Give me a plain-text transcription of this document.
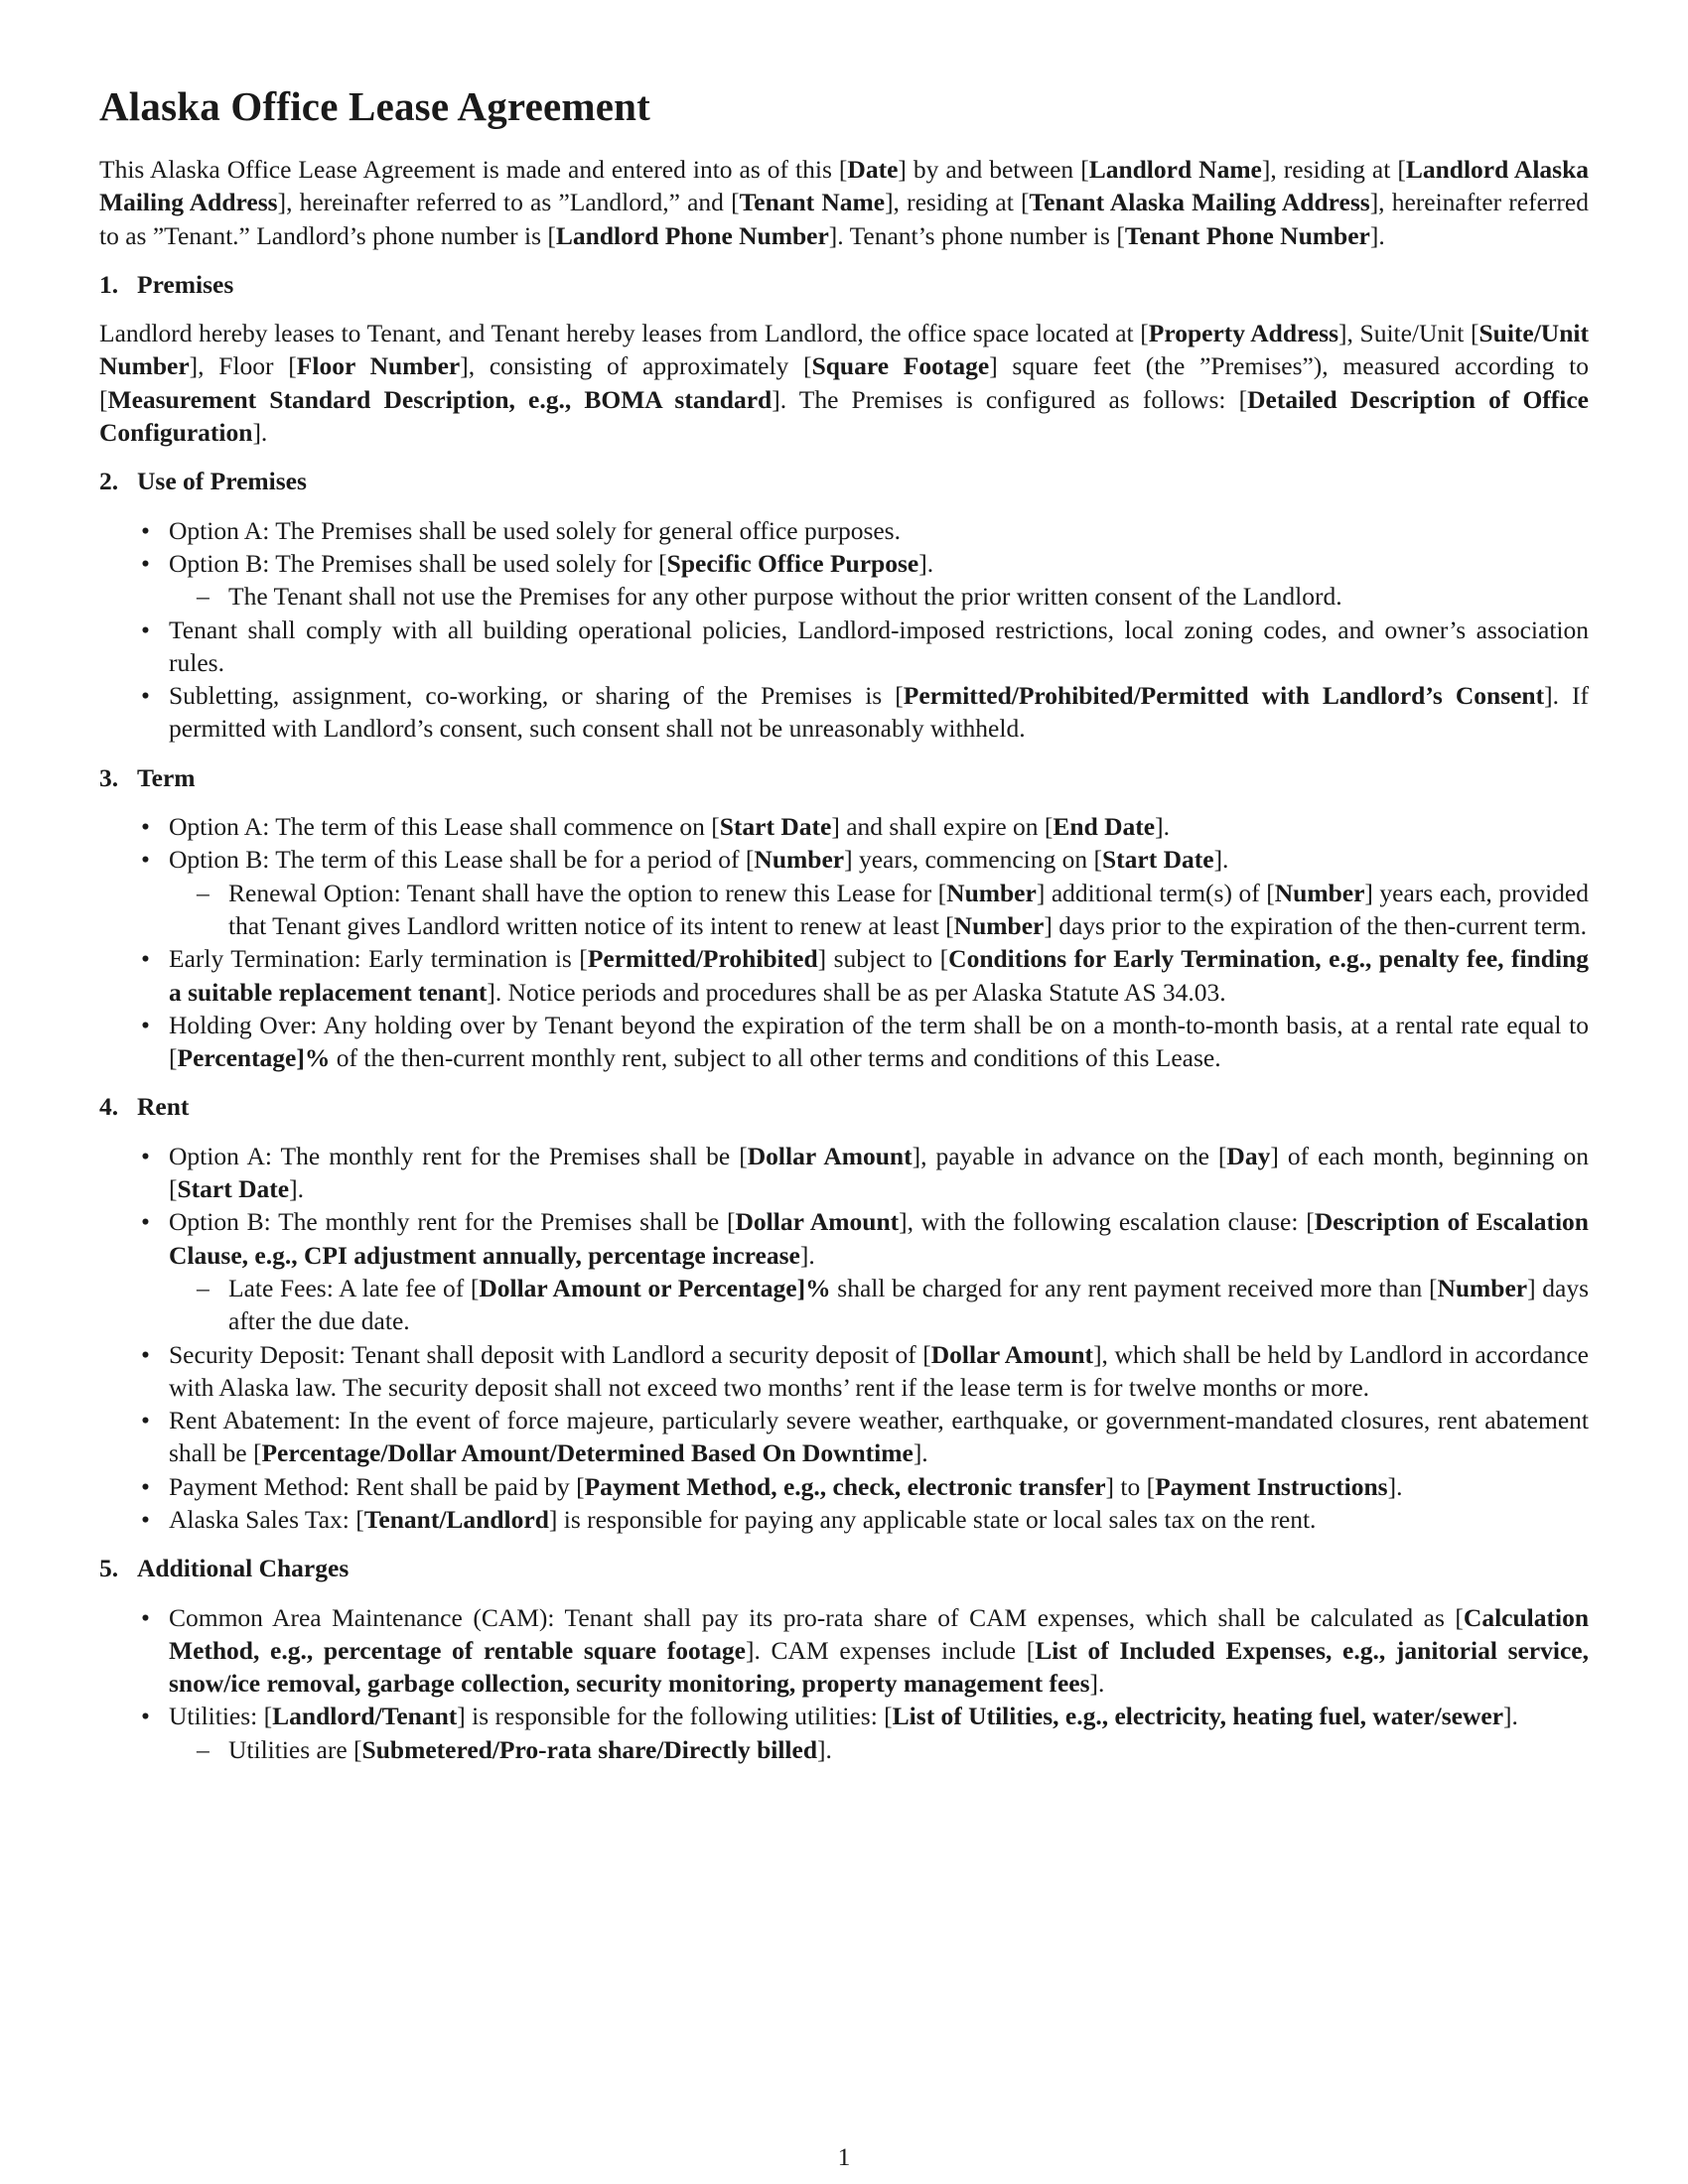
Alaska Office Lease Agreement

This Alaska Office Lease Agreement is made and entered into as of this [Date] by and between [Landlord Name], residing at [Landlord Alaska Mailing Address], hereinafter referred to as ”Landlord,” and [Tenant Name], residing at [Tenant Alaska Mailing Address], hereinafter referred to as ”Tenant.” Landlord’s phone number is [Landlord Phone Number]. Tenant’s phone number is [Tenant Phone Number].

1. Premises

Landlord hereby leases to Tenant, and Tenant hereby leases from Landlord, the office space located at [Property Address], Suite/Unit [Suite/Unit Number], Floor [Floor Number], consisting of approximately [Square Footage] square feet (the ”Premises”), measured according to [Measurement Standard Description, e.g., BOMA standard]. The Premises is configured as follows: [Detailed Description of Office Configuration].

2. Use of Premises
• Option A: The Premises shall be used solely for general office purposes.
• Option B: The Premises shall be used solely for [Specific Office Purpose].
– The Tenant shall not use the Premises for any other purpose without the prior written consent of the Landlord.
• Tenant shall comply with all building operational policies, Landlord-imposed restrictions, local zoning codes, and owner’s association rules.
• Subletting, assignment, co-working, or sharing of the Premises is [Permitted/Prohibited/Permitted with Landlord’s Consent]. If permitted with Landlord’s consent, such consent shall not be unreasonably withheld.
3. Term
• Option A: The term of this Lease shall commence on [Start Date] and shall expire on [End Date].
• Option B: The term of this Lease shall be for a period of [Number] years, commencing on [Start Date].
– Renewal Option: Tenant shall have the option to renew this Lease for [Number] additional term(s) of [Number] years each, provided that Tenant gives Landlord written notice of its intent to renew at least [Number] days prior to the expiration of the then-current term.
• Early Termination: Early termination is [Permitted/Prohibited] subject to [Conditions for Early Termination, e.g., penalty fee, finding a suitable replacement tenant]. Notice periods and procedures shall be as per Alaska Statute AS 34.03.
• Holding Over: Any holding over by Tenant beyond the expiration of the term shall be on a month-to-month basis, at a rental rate equal to [Percentage]% of the then-current monthly rent, subject to all other terms and conditions of this Lease.
4. Rent
• Option A: The monthly rent for the Premises shall be [Dollar Amount], payable in advance on the [Day] of each month, beginning on [Start Date].
• Option B: The monthly rent for the Premises shall be [Dollar Amount], with the following escalation clause: [Description of Escalation Clause, e.g., CPI adjustment annually, percentage increase].
– Late Fees: A late fee of [Dollar Amount or Percentage]% shall be charged for any rent payment received more than [Number] days after the due date.
• Security Deposit: Tenant shall deposit with Landlord a security deposit of [Dollar Amount], which shall be held by Landlord in accordance with Alaska law. The security deposit shall not exceed two months’ rent if the lease term is for twelve months or more.
• Rent Abatement: In the event of force majeure, particularly severe weather, earthquake, or government-mandated closures, rent abatement shall be [Percentage/Dollar Amount/Determined Based On Downtime].
• Payment Method: Rent shall be paid by [Payment Method, e.g., check, electronic transfer] to [Payment Instructions].
• Alaska Sales Tax: [Tenant/Landlord] is responsible for paying any applicable state or local sales tax on the rent.
5. Additional Charges
• Common Area Maintenance (CAM): Tenant shall pay its pro-rata share of CAM expenses, which shall be calculated as [Calculation Method, e.g., percentage of rentable square footage]. CAM expenses include [List of Included Expenses, e.g., janitorial service, snow/ice removal, garbage collection, security monitoring, property management fees].
• Utilities: [Landlord/Tenant] is responsible for the following utilities: [List of Utilities, e.g., electricity, heating fuel, water/sewer].
– Utilities are [Submetered/Pro-rata share/Directly billed].
1
